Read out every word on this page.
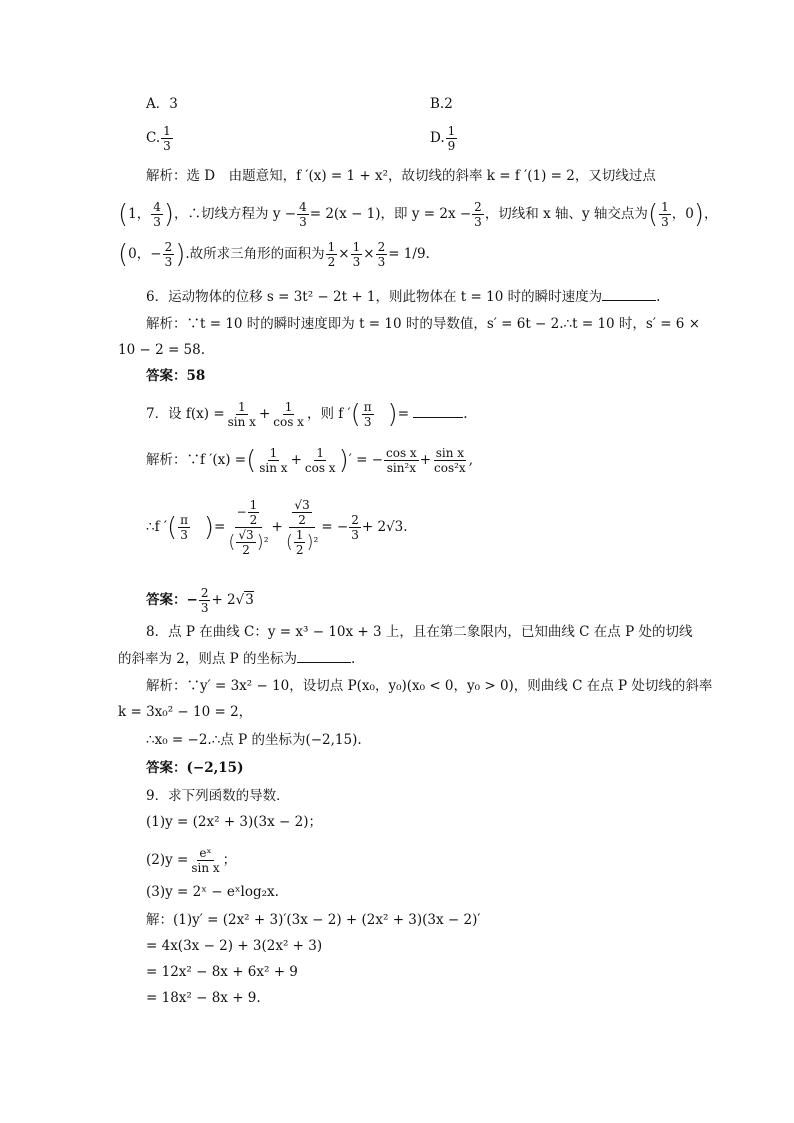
A．3	B.2
C. $\frac{1}{3}$	D. $\frac{1}{9}$
解析：选 D　由题意知，f ′(x) = 1 + x²，故切线的斜率 k = f ′(1) = 2，又切线过点
(1， $\frac{4}{3}$ )，∴切线方程为 $y - \frac{4}{3} = 2(x - 1)$，即 $y = 2x - \frac{2}{3}$ ，切线和 x 轴、y 轴交点为( $\frac{1}{3}$ ，0)，
(0，− $\frac{2}{3}$ ).故所求三角形的面积为 $\frac{1}{2} \times \frac{1}{3} \times \frac{2}{3} = 1/9$.
6．运动物体的位移 s = 3t² − 2t + 1，则此物体在 t = 10 时的瞬时速度为	.
解析：∵t = 10 时的瞬时速度即为 t = 10 时的导数值，s′ = 6t − 2.∴t = 10 时，s′ = 6 ×
10 − 2 = 58.
答案：58
7．设 $f(x) = \frac{1}{\text{sin x}} + \frac{1}{\text{cos x}}$ ，则 f ′( $\frac{\pi}{3}$ )=	.
解析：∵f ′(x) =( $\frac{1}{\text{sin x}} + \frac{1}{\text{cos x}}$ )′ = − $\frac{\text{cos x}}{\text{sin²x}} + \frac{\text{sin x}}{\text{cos²x}}$ ,
∴f ′( $\frac{\pi}{3}$ )= $\frac{- \frac{1}{2}}{( \frac{√3}{2} )^2} + \frac{\frac{√3}{2}}{( \frac{1}{2} )^2}$ = − $\frac{2}{3} + 2√3$.
答案：− $\frac{2}{3} + 2√3$
8．点 P 在曲线 C：y = x³ − 10x + 3 上，且在第二象限内，已知曲线 C 在点 P 处的切线
的斜率为 2，则点 P 的坐标为	.
解析：∵y′ = 3x² − 10，设切点 P(x₀，y₀)(x₀ < 0，y₀ > 0)，则曲线 C 在点 P 处切线的斜率
k = 3x₀² − 10 = 2，
∴x₀ = −2.∴点 P 的坐标为(−2,15).
答案：(−2,15)
9．求下列函数的导数．
(1)y = (2x² + 3)(3x − 2)；
$(2)y = \frac{\text{eˣ}}{\text{sin x}}$ ；
(3)y = 2ˣ − eˣlog₂x.
解：(1)y′ = (2x² + 3)′(3x − 2) + (2x² + 3)(3x − 2)′
= 4x(3x − 2) + 3(2x² + 3)
= 12x² − 8x + 6x² + 9
= 18x² − 8x + 9.
